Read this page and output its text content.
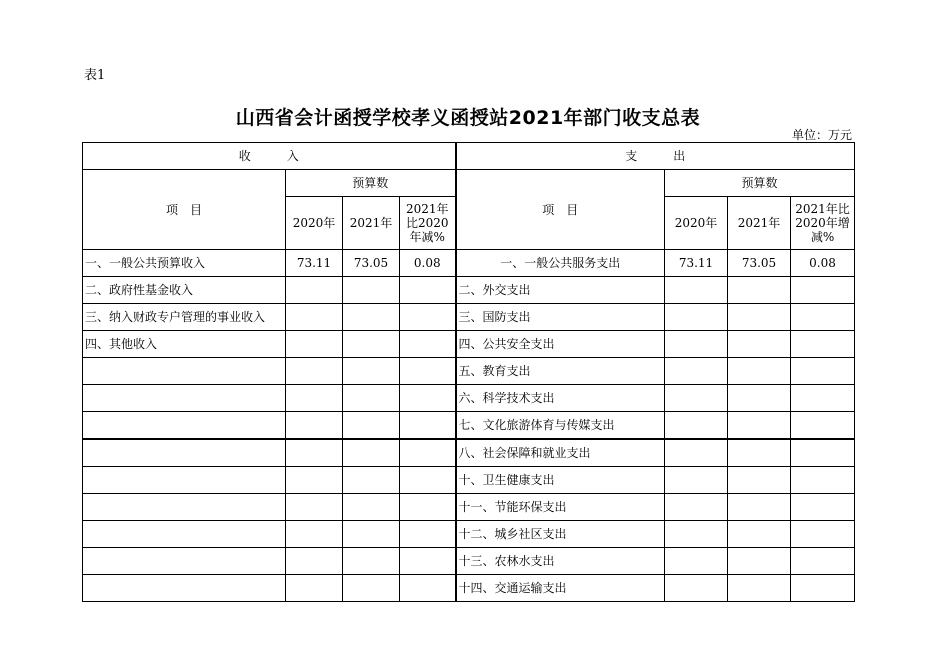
表1
山西省会计函授学校孝义函授站2021年部门收支总表
单位：万元
收　　　入				支　　　出			
项　目	预算数			项　目	预算数		
	2020年	2021年	2021年比2020年减%		2020年	2021年	2021年比2020年增减%
一、一般公共预算收入	73.11	73.05	0.08	一、一般公共服务支出	73.11	73.05	0.08
二、政府性基金收入				二、外交支出			
三、纳入财政专户管理的事业收入				三、国防支出			
四、其他收入				四、公共安全支出			
				五、教育支出			
				六、科学技术支出			
				七、文化旅游体育与传媒支出			
				八、社会保障和就业支出			
				十、卫生健康支出			
				十一、节能环保支出			
				十二、城乡社区支出			
				十三、农林水支出			
				十四、交通运输支出			
